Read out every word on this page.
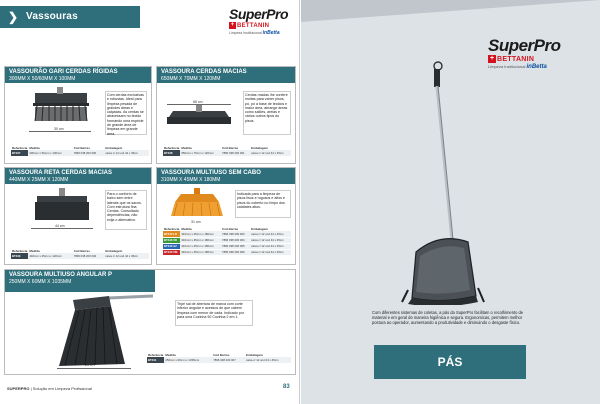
❯ Vassouras	SuperPro
+ BETTANIN
Limpeza Institucional inBetta
VASSOURÃO GARI CERDAS RÍGIDAS
300MM X 50/60MM X 100MM
30 cm
Com cerdas exclusivas e robustas. Ideal para limpeza pesada de grandes áreas e calçadas. As cerdas se atravessam no tecido formando uma espécie de grande área de limpeza em grande área.
Referência	Medida	Cód Barras	Embalagem
BT437	300mm x 50mm x 100mm	7896 038 200 000	caixa c/ 12 und 44 x 45cm
VASSOURA CERDAS MACIAS
650MM X 70MM X 120MM
65 cm
Cerdas macias lhe confere muitas para varrer pisos, pó, pó a base de tecidos e maior área, abrange áreas como salões, areias e vários outros tipos do pisos.
Referência	Medida	Cód Barras	Embalagem
BT438	650mm x 70mm x 120mm	7896 038 200 001	caixa c/ 12 und 44 x 45cm
VASSOURA RETA CERDAS MACIAS
440MM X 25MM X 120MM
44 cm
Para o conforto de baixo sem entre laterais que os sacos. Com estrutura fina Cerdas. Consultado dependências, não exija o alternativo.
Referência	Medida	Cód Barras	Embalagem
BT439	440mm x 25mm x 120mm	7896 038 200 002	caixa c/ 12 und 44 x 45cm
VASSOURA MULTIUSO SEM CABO
310MM X 45MM X 180MM
31 cm
Indicada para a limpeza de pisos lisos e rugosos e altos e pisos do coberto no limpo dos calafates altos.
Referência	Medida	Cód Barras	Embalagem
BT440 LR	310mm x 45mm x 180mm	7896 038 200 003	caixa c/ 12 und 44 x 45cm
BT440 VD	310mm x 45mm x 180mm	7896 038 200 004	caixa c/ 12 und 44 x 45cm
BT440 AZ	310mm x 45mm x 180mm	7896 038 200 005	caixa c/ 12 und 44 x 45cm
BT440 VM	310mm x 45mm x 180mm	7896 038 200 006	caixa c/ 12 und 44 x 45cm
VASSOURA MULTIUSO ANGULAR P
250MM X 60MM X 1035MM
25 cm
Tripé sai de abertura de marca com corte inferior angular e acessos de que cabem limpeza com menor de cada. Indicado por para uma Cozinha 90 Cozinha 2 em 1.
Referência	Medida	Cód Barras	Embalagem
BT441	250mm x 60mm x 1035mm	7896 038 200 007	caixa c/ 12 und 44 x 45cm
SUPERPRO | Solução em Limpeza Profissional	83
SuperPro
+ BETTANIN
Limpeza Institucional inBetta
Com diferentes sistemas de coletas, a pás da SuperPro facilitam o recolhimento de material e em geral de maneira higiênica e segura. Ergonomicas, permitem melhor postura ao operador, aumentando a produtividade e diminuindo o desgaste físico.
PÁS
